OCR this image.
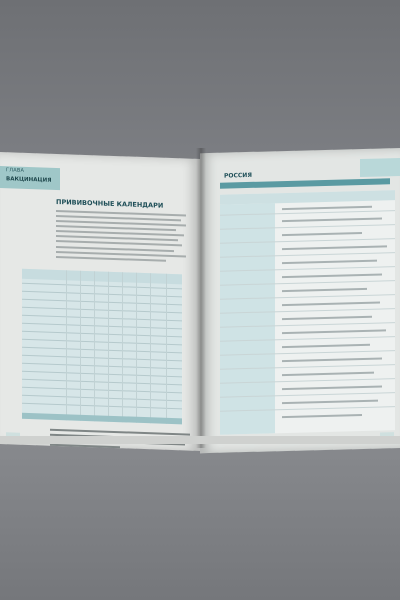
ГЛАВА
ВАКЦИНАЦИЯ
ПРИВИВОЧНЫЕ КАЛЕНДАРИ
РОССИЯ
